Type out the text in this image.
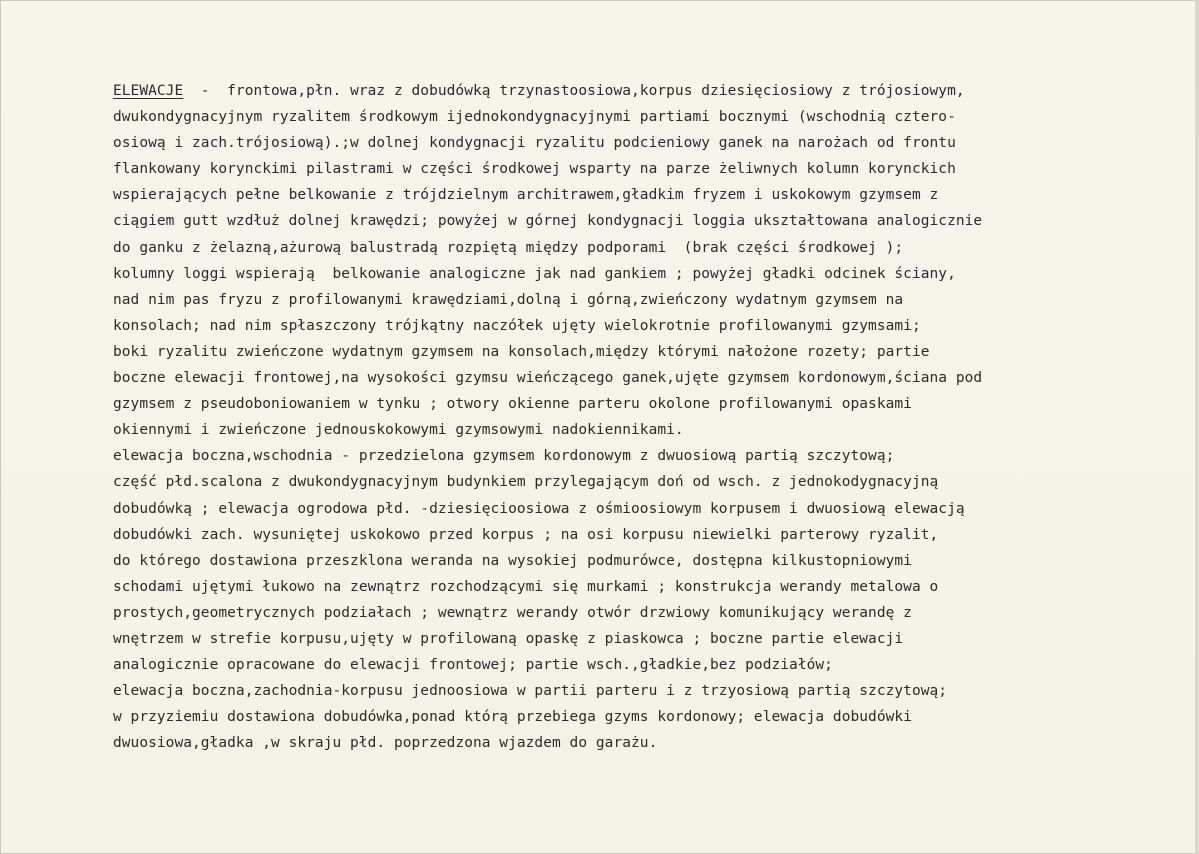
ELEWACJE  -  frontowa,płn. wraz z dobudówką trzynastoosiowa,korpus dziesięciosiowy z trójosiowym,
dwukondygnacyjnym ryzalitem środkowym ijednokondygnacyjnymi partiami bocznymi (wschodnią cztero-
osiową i zach.trójosiową).;w dolnej kondygnacji ryzalitu podcieniowy ganek na narożach od frontu
flankowany korynckimi pilastrami w części środkowej wsparty na parze żeliwnych kolumn korynckich
wspierających pełne belkowanie z trójdzielnym architrawem,gładkim fryzem i uskokowym gzymsem z
ciągiem gutt wzdłuż dolnej krawędzi; powyżej w górnej kondygnacji loggia ukształtowana analogicznie
do ganku z żelazną,ażurową balustradą rozpiętą między podporami  (brak części środkowej );
kolumny loggi wspierają  belkowanie analogiczne jak nad gankiem ; powyżej gładki odcinek ściany,
nad nim pas fryzu z profilowanymi krawędziami,dolną i górną,zwieńczony wydatnym gzymsem na
konsolach; nad nim spłaszczony trójkątny naczółek ujęty wielokrotnie profilowanymi gzymsami;
boki ryzalitu zwieńczone wydatnym gzymsem na konsolach,między którymi nałożone rozety; partie
boczne elewacji frontowej,na wysokości gzymsu wieńczącego ganek,ujęte gzymsem kordonowym,ściana pod
gzymsem z pseudoboniowaniem w tynku ; otwory okienne parteru okolone profilowanymi opaskami
okiennymi i zwieńczone jednouskokowymi gzymsowymi nadokiennikami.
elewacja boczna,wschodnia - przedzielona gzymsem kordonowym z dwuosiową partią szczytową;
część płd.scalona z dwukondygnacyjnym budynkiem przylegającym doń od wsch. z jednokodygnacyjną
dobudówką ; elewacja ogrodowa płd. -dziesięcioosiowa z ośmioosiowym korpusem i dwuosiową elewacją
dobudówki zach. wysuniętej uskokowo przed korpus ; na osi korpusu niewielki parterowy ryzalit,
do którego dostawiona przeszklona weranda na wysokiej podmurówce, dostępna kilkustopniowymi
schodami ujętymi łukowo na zewnątrz rozchodzącymi się murkami ; konstrukcja werandy metalowa o
prostych,geometrycznych podziałach ; wewnątrz werandy otwór drzwiowy komunikujący werandę z
wnętrzem w strefie korpusu,ujęty w profilowaną opaskę z piaskowca ; boczne partie elewacji
analogicznie opracowane do elewacji frontowej; partie wsch.,gładkie,bez podziałów;
elewacja boczna,zachodnia-korpusu jednoosiowa w partii parteru i z trzyosiową partią szczytową;
w przyziemiu dostawiona dobudówka,ponad którą przebiega gzyms kordonowy; elewacja dobudówki
dwuosiowa,gładka ,w skraju płd. poprzedzona wjazdem do garażu.
